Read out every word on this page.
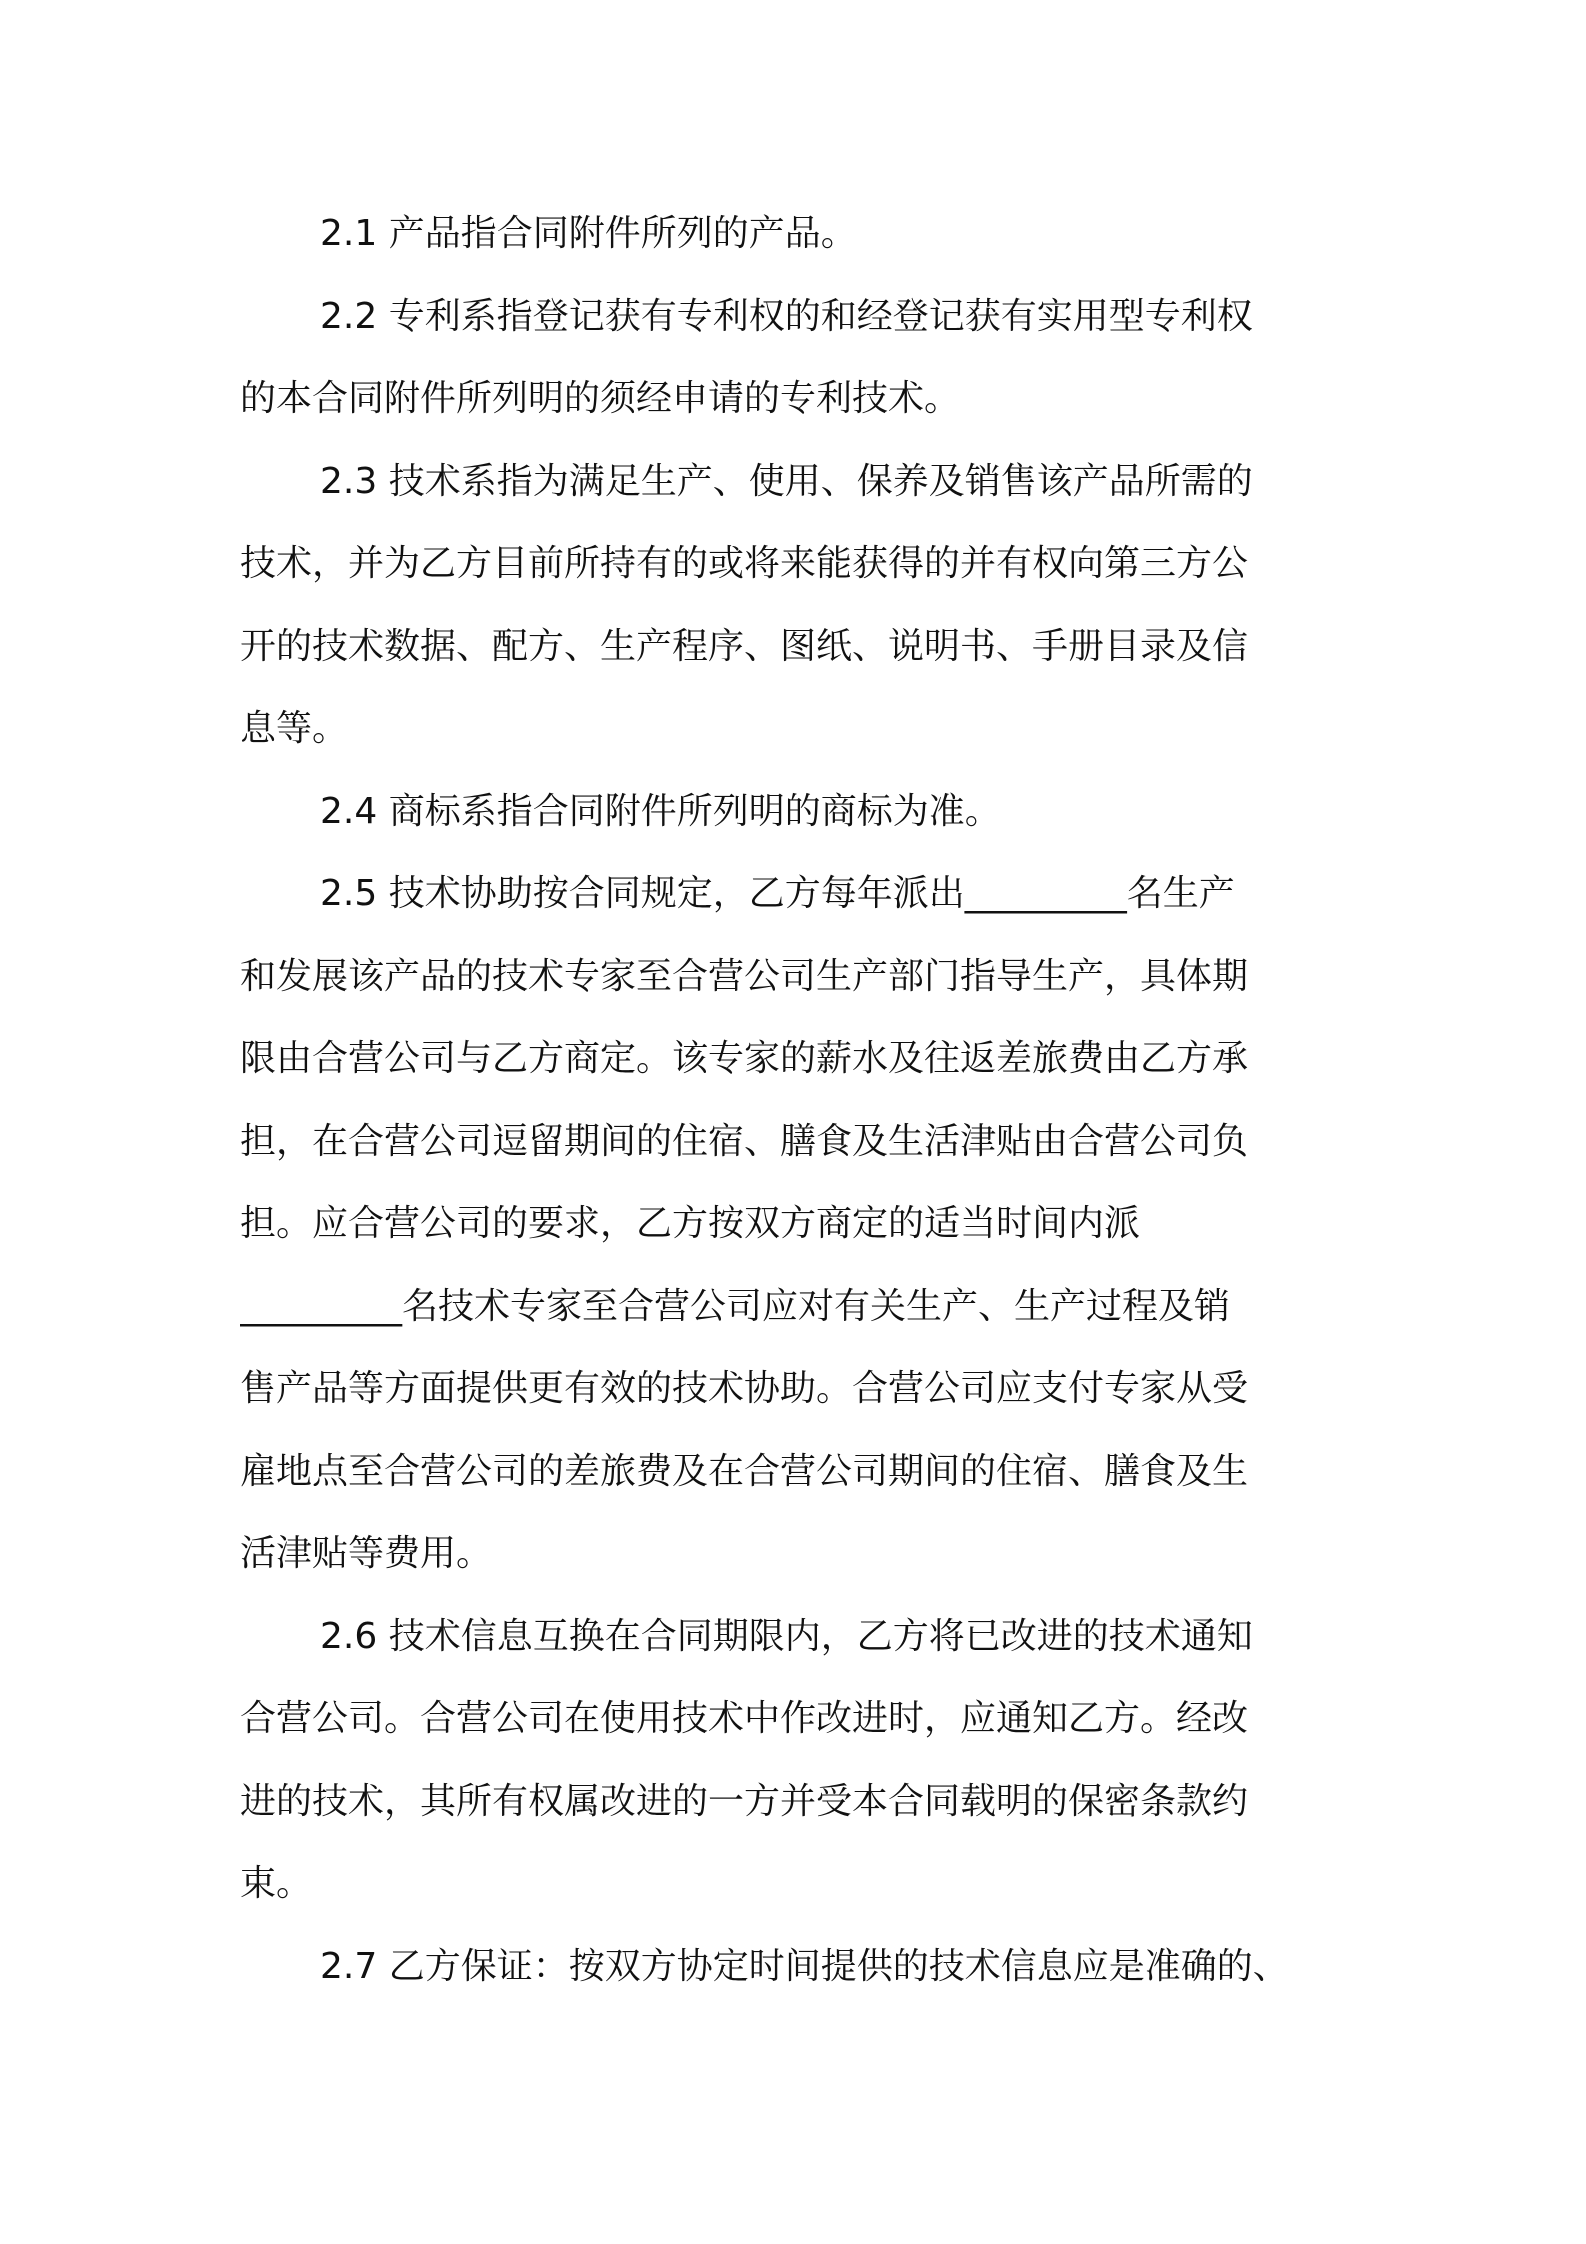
2.1 产品指合同附件所列的产品。
2.2 专利系指登记获有专利权的和经登记获有实用型专利权
的本合同附件所列明的须经申请的专利技术。
2.3 技术系指为满足生产、使用、保养及销售该产品所需的
技术，并为乙方目前所持有的或将来能获得的并有权向第三方公
开的技术数据、配方、生产程序、图纸、说明书、手册目录及信
息等。
2.4 商标系指合同附件所列明的商标为准。
2.5 技术协助按合同规定，乙方每年派出_________名生产
和发展该产品的技术专家至合营公司生产部门指导生产，具体期
限由合营公司与乙方商定。该专家的薪水及往返差旅费由乙方承
担，在合营公司逗留期间的住宿、膳食及生活津贴由合营公司负
担。应合营公司的要求，乙方按双方商定的适当时间内派
_________名技术专家至合营公司应对有关生产、生产过程及销
售产品等方面提供更有效的技术协助。合营公司应支付专家从受
雇地点至合营公司的差旅费及在合营公司期间的住宿、膳食及生
活津贴等费用。
2.6 技术信息互换在合同期限内，乙方将已改进的技术通知
合营公司。合营公司在使用技术中作改进时，应通知乙方。经改
进的技术，其所有权属改进的一方并受本合同载明的保密条款约
束。
2.7 乙方保证：按双方协定时间提供的技术信息应是准确的、
